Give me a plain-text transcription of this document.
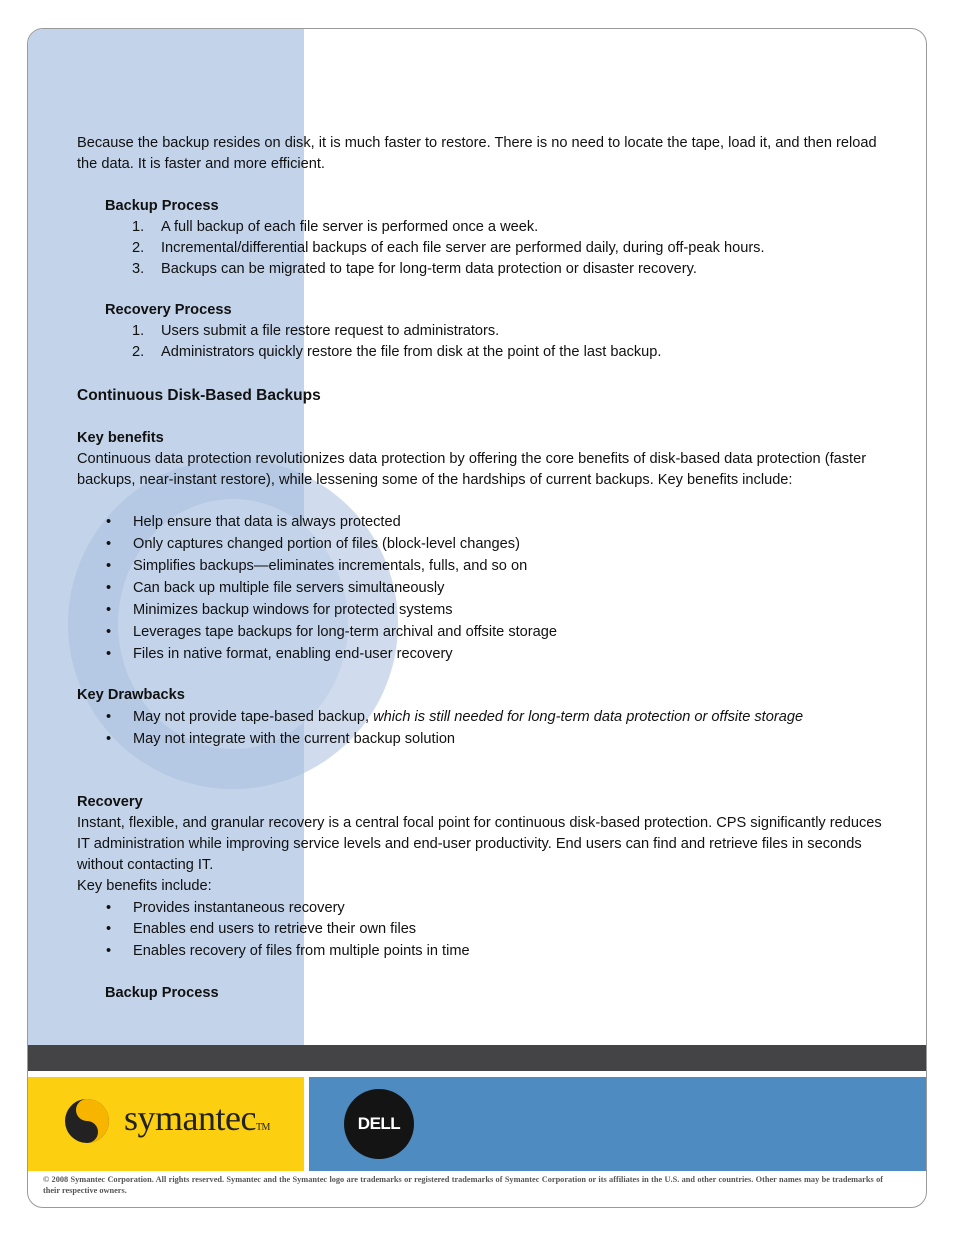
symantecTM	DELL
© 2008 Symantec Corporation. All rights reserved. Symantec and the Symantec logo are trademarks or registered trademarks of Symantec Corporation or its affiliates in the U.S. and other countries. Other names may be trademarks of their respective owners.

Because the backup resides on disk, it is much faster to restore. There is no need to locate the tape, load it, and then reload the data. It is faster and more efficient.

Backup Process

1. A full backup of each file server is performed once a week.
2. Incremental/differential backups of each file server are performed daily, during off-peak hours.
3. Backups can be migrated to tape for long-term data protection or disaster recovery.

Recovery Process

1. Users submit a file restore request to administrators.
2. Administrators quickly restore the file from disk at the point of the last backup.

Continuous Disk-Based Backups

Key benefits

Continuous data protection revolutionizes data protection by offering the core benefits of disk-based data protection (faster backups, near-instant restore), while lessening some of the hardships of current backups. Key benefits include:

• Help ensure that data is always protected
• Only captures changed portion of files (block-level changes)
• Simplifies backups—eliminates incrementals, fulls, and so on
• Can back up multiple file servers simultaneously
• Minimizes backup windows for protected systems
• Leverages tape backups for long-term archival and offsite storage
• Files in native format, enabling end-user recovery

Key Drawbacks

• May not provide tape-based backup, which is still needed for long-term data protection or offsite storage
• May not integrate with the current backup solution

Recovery

Instant, flexible, and granular recovery is a central focal point for continuous disk-based protection. CPS significantly reduces IT administration while improving service levels and end-user productivity. End users can find and retrieve files in seconds without contacting IT.

Key benefits include:

• Provides instantaneous recovery
• Enables end users to retrieve their own files
• Enables recovery of files from multiple points in time

Backup Process
